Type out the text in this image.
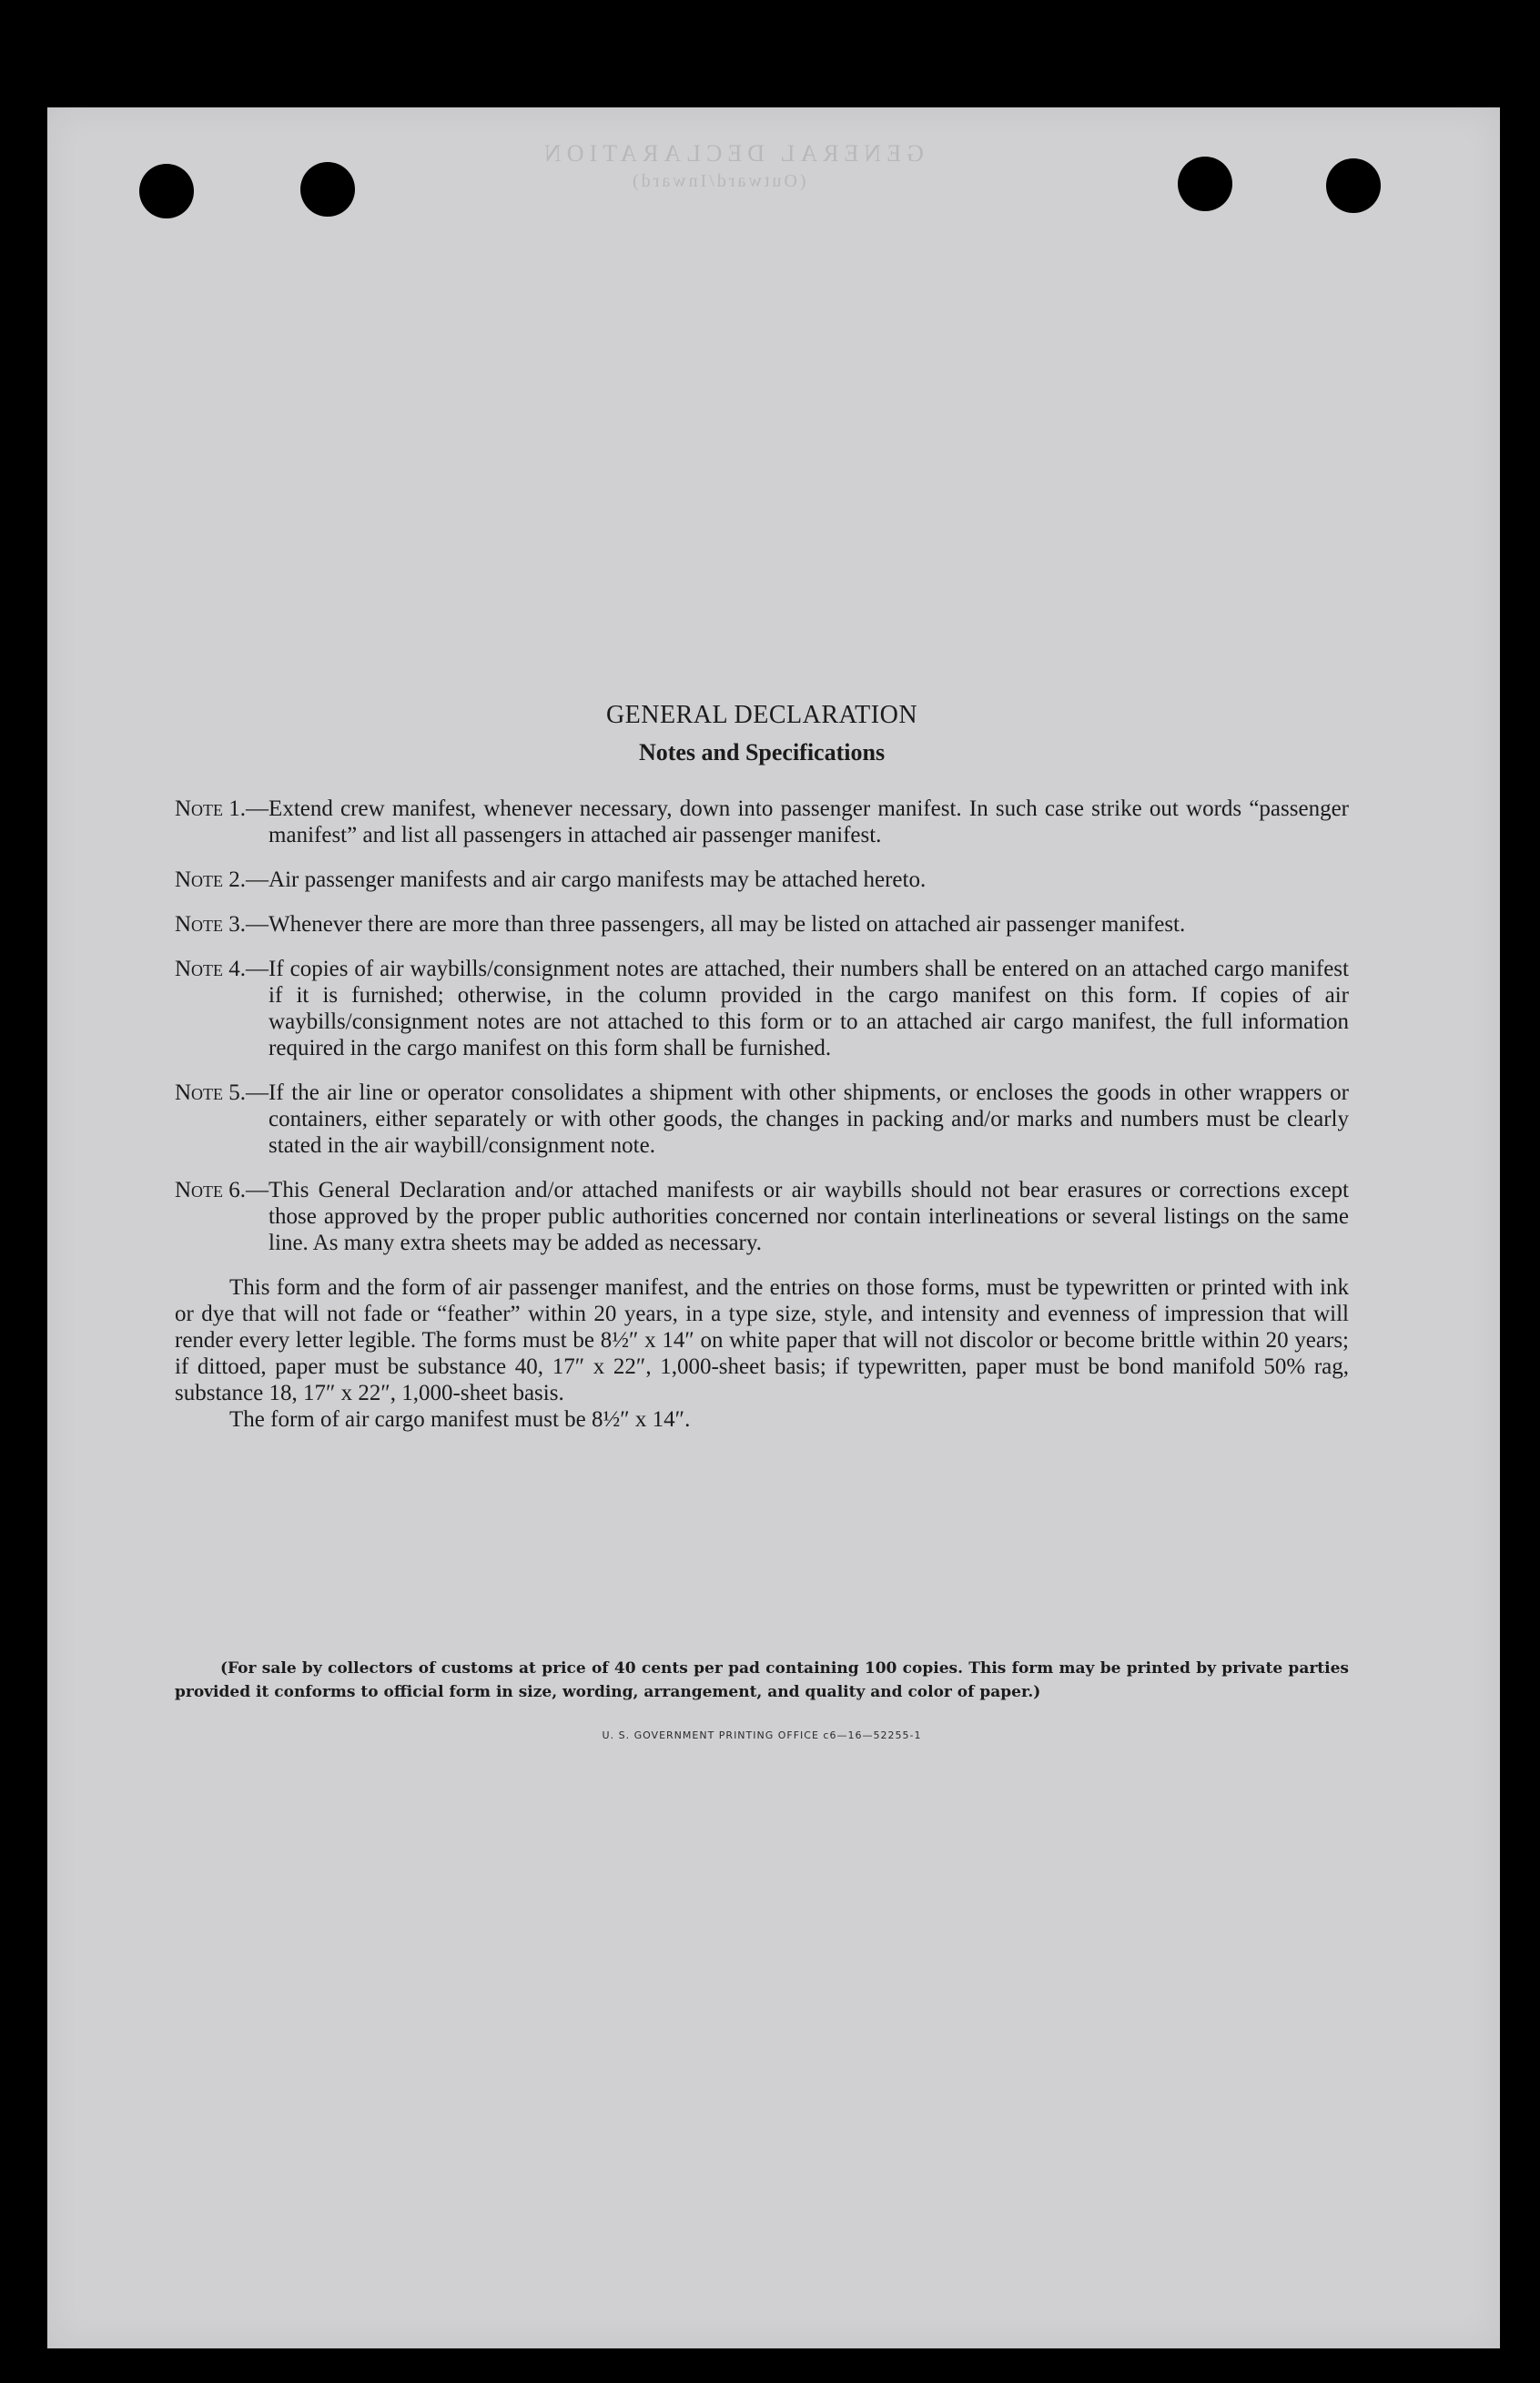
GENERAL DECLARATION
(Outward/Inward)
GENERAL DECLARATION
Notes and Specifications
Note 1. — Extend crew manifest, whenever necessary, down into passenger manifest. In such case strike out words “passenger manifest” and list all passengers in attached air passenger manifest.
Note 2. — Air passenger manifests and air cargo manifests may be attached hereto.
Note 3. — Whenever there are more than three passengers, all may be listed on attached air passenger manifest.
Note 4. — If copies of air waybills/consignment notes are attached, their numbers shall be entered on an attached cargo manifest if it is furnished; otherwise, in the column provided in the cargo manifest on this form. If copies of air waybills/consignment notes are not attached to this form or to an attached air cargo manifest, the full information required in the cargo manifest on this form shall be furnished.
Note 5. — If the air line or operator consolidates a shipment with other shipments, or encloses the goods in other wrappers or containers, either separately or with other goods, the changes in packing and/or marks and numbers must be clearly stated in the air waybill/consignment note.
Note 6. — This General Declaration and/or attached manifests or air waybills should not bear erasures or corrections except those approved by the proper public authorities concerned nor contain interlineations or several listings on the same line. As many extra sheets may be added as necessary.

This form and the form of air passenger manifest, and the entries on those forms, must be typewritten or printed with ink or dye that will not fade or “feather” within 20 years, in a type size, style, and intensity and evenness of impression that will render every letter legible. The forms must be 8½″ x 14″ on white paper that will not discolor or become brittle within 20 years; if dittoed, paper must be substance 40, 17″ x 22″, 1,000-sheet basis; if typewritten, paper must be bond manifold 50% rag, substance 18, 17″ x 22″, 1,000-sheet basis.

The form of air cargo manifest must be 8½″ x 14″.

(For sale by collectors of customs at price of 40 cents per pad containing 100 copies. This form may be printed by private parties provided it conforms to official form in size, wording, arrangement, and quality and color of paper.)
U. S. GOVERNMENT PRINTING OFFICE c6—16—52255-1
